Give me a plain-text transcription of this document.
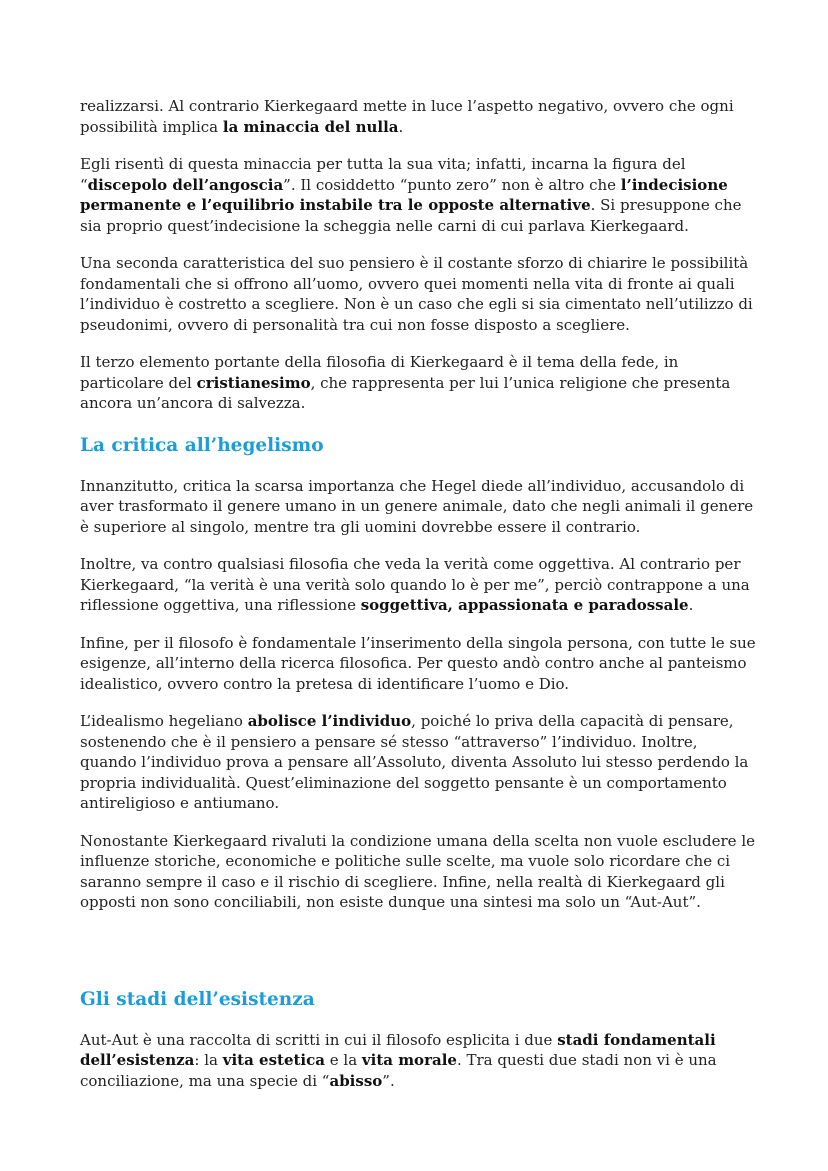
realizzarsi. Al contrario Kierkegaard mette in luce l’aspetto negativo, ovvero che ogni possibilità implica la minaccia del nulla.

Egli risentì di questa minaccia per tutta la sua vita; infatti, incarna la figura del “discepolo dell’angoscia”. Il cosiddetto “punto zero” non è altro che l’indecisione permanente e l’equilibrio instabile tra le opposte alternative. Si presuppone che sia proprio quest’indecisione la scheggia nelle carni di cui parlava Kierkegaard.

Una seconda caratteristica del suo pensiero è il costante sforzo di chiarire le possibilità fondamentali che si offrono all’uomo, ovvero quei momenti nella vita di fronte ai quali l’individuo è costretto a scegliere. Non è un caso che egli si sia cimentato nell’utilizzo di pseudonimi, ovvero di personalità tra cui non fosse disposto a scegliere.

Il terzo elemento portante della filosofia di Kierkegaard è il tema della fede, in particolare del cristianesimo, che rappresenta per lui l’unica religione che presenta ancora un’ancora di salvezza.

La critica all’hegelismo

Innanzitutto, critica la scarsa importanza che Hegel diede all’individuo, accusandolo di aver trasformato il genere umano in un genere animale, dato che negli animali il genere è superiore al singolo, mentre tra gli uomini dovrebbe essere il contrario.

Inoltre, va contro qualsiasi filosofia che veda la verità come oggettiva. Al contrario per Kierkegaard, “la verità è una verità solo quando lo è per me”, perciò contrappone a una riflessione oggettiva, una riflessione soggettiva, appassionata e paradossale.

Infine, per il filosofo è fondamentale l’inserimento della singola persona, con tutte le sue esigenze, all’interno della ricerca filosofica. Per questo andò contro anche al panteismo idealistico, ovvero contro la pretesa di identificare l’uomo e Dio.

L’idealismo hegeliano abolisce l’individuo, poiché lo priva della capacità di pensare, sostenendo che è il pensiero a pensare sé stesso “attraverso” l’individuo. Inoltre, quando l’individuo prova a pensare all’Assoluto, diventa Assoluto lui stesso perdendo la propria individualità. Quest’eliminazione del soggetto pensante è un comportamento antireligioso e antiumano.

Nonostante Kierkegaard rivaluti la condizione umana della scelta non vuole escludere le influenze storiche, economiche e politiche sulle scelte, ma vuole solo ricordare che ci saranno sempre il caso e il rischio di scegliere. Infine, nella realtà di Kierkegaard gli opposti non sono conciliabili, non esiste dunque una sintesi ma solo un “Aut-Aut”.

Gli stadi dell’esistenza

Aut-Aut è una raccolta di scritti in cui il filosofo esplicita i due stadi fondamentali dell’esistenza: la vita estetica e la vita morale. Tra questi due stadi non vi è una conciliazione, ma una specie di “abisso”.
